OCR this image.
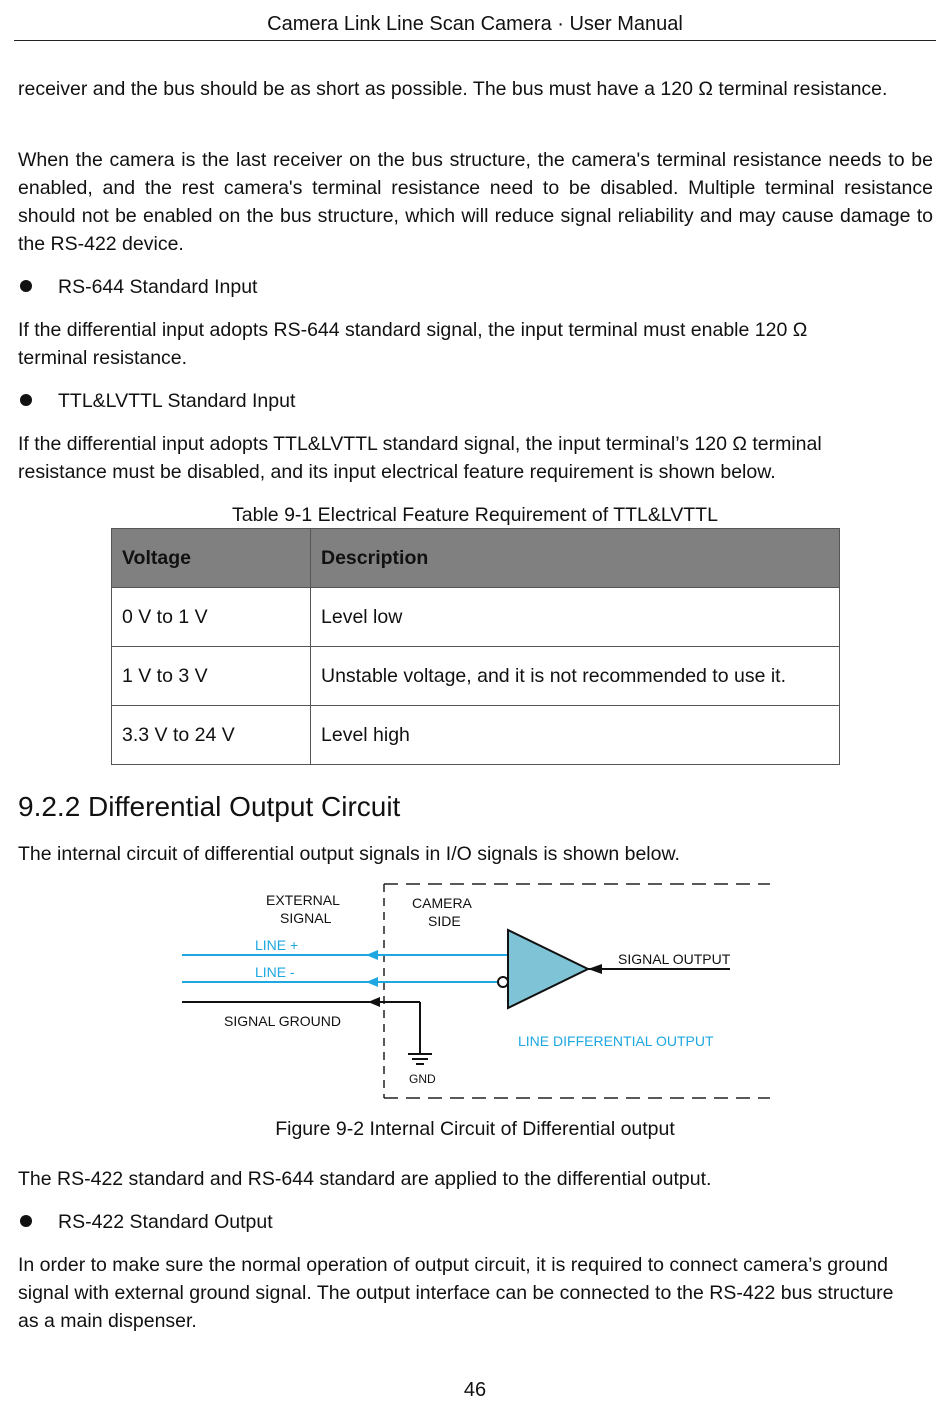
Camera Link Line Scan Camera · User Manual

receiver and the bus should be as short as possible. The bus must have a 120 Ω terminal resistance.

When the camera is the last receiver on the bus structure, the camera's terminal resistance needs to be enabled, and the rest camera's terminal resistance need to be disabled. Multiple terminal resistance should not be enabled on the bus structure, which will reduce signal reliability and may cause damage to the RS-422 device.

RS-644 Standard Input

If the differential input adopts RS-644 standard signal, the input terminal must enable 120 Ω terminal resistance.

TTL&LVTTL Standard Input

If the differential input adopts TTL&LVTTL standard signal, the input terminal’s 120 Ω terminal resistance must be disabled, and its input electrical feature requirement is shown below.

Table 9-1 Electrical Feature Requirement of TTL&LVTTL
Voltage	Description
0 V to 1 V	Level low
1 V to 3 V	Unstable voltage, and it is not recommended to use it.
3.3 V to 24 V	Level high
9.2.2 Differential Output Circuit

The internal circuit of differential output signals in I/O signals is shown below.

EXTERNAL
SIGNAL
CAMERA
SIDE
LINE +
LINE -
SIGNAL GROUND
GND
SIGNAL OUTPUT
LINE DIFFERENTIAL OUTPUT
Figure 9-2 Internal Circuit of Differential output

The RS-422 standard and RS-644 standard are applied to the differential output.

RS-422 Standard Output

In order to make sure the normal operation of output circuit, it is required to connect camera’s ground signal with external ground signal. The output interface can be connected to the RS-422 bus structure as a main dispenser.

46
